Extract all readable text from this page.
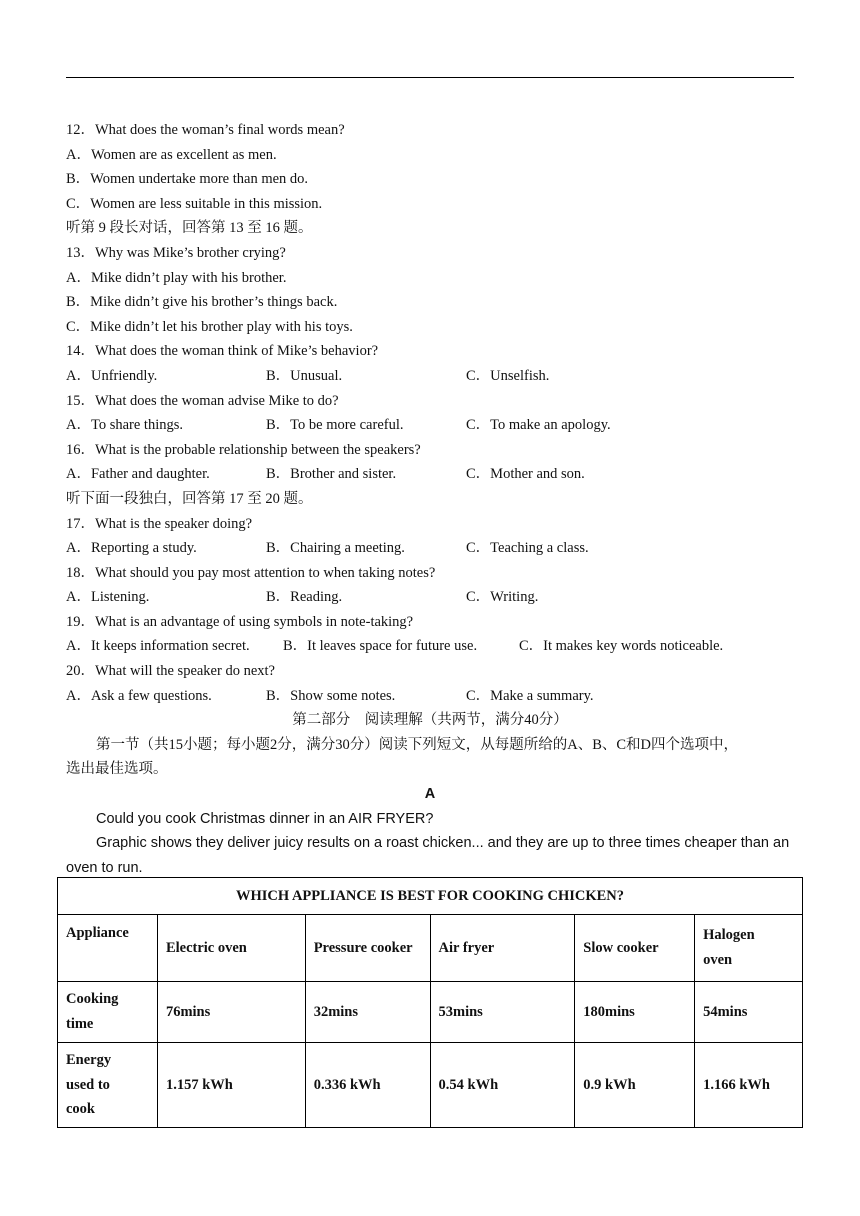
12．What does the woman’s final words mean?
A．Women are as excellent as men.
B．Women undertake more than men do.
C．Women are less suitable in this mission.
听第 9 段长对话，回答第 13 至 16 题。
13．Why was Mike’s brother crying?
A．Mike didn’t play with his brother.
B．Mike didn’t give his brother’s things back.
C．Mike didn’t let his brother play with his toys.
14．What does the woman think of Mike’s behavior?
A．Unfriendly.	B．Unusual.	C．Unselfish.
15．What does the woman advise Mike to do?
A．To share things.	B．To be more careful.	C．To make an apology.
16．What is the probable relationship between the speakers?
A．Father and daughter.	B．Brother and sister.	C．Mother and son.
听下面一段独白，回答第 17 至 20 题。
17．What is the speaker doing?
A．Reporting a study.	B．Chairing a meeting.	C．Teaching a class.
18．What should you pay most attention to when taking notes?
A．Listening.	B．Reading.	C．Writing.
19．What is an advantage of using symbols in note-taking?
A．It keeps information secret. B．It leaves space for future use.	C．It makes key words noticeable.
20．What will the speaker do next?
A．Ask a few questions.	B．Show some notes.	C．Make a summary.
第二部分　阅读理解（共两节，满分40分）
第一节（共15小题；每小题2分，满分30分）阅读下列短文，从每题所给的A、B、C和D四个选项中，
选出最佳选项。
A
Could you cook Christmas dinner in an AIR FRYER?
Graphic shows they deliver juicy results on a roast chicken... and they are up to three times cheaper than an
oven to run.
WHICH APPLIANCE IS BEST FOR COOKING CHICKEN?					
Appliance	Electric oven	Pressure cooker	Air fryer	Slow cooker	Halogen
oven
Cooking
time	76mins	32mins	53mins	180mins	54mins
Energy
used to
cook	1.157 kWh	0.336 kWh	0.54 kWh	0.9 kWh	1.166 kWh
